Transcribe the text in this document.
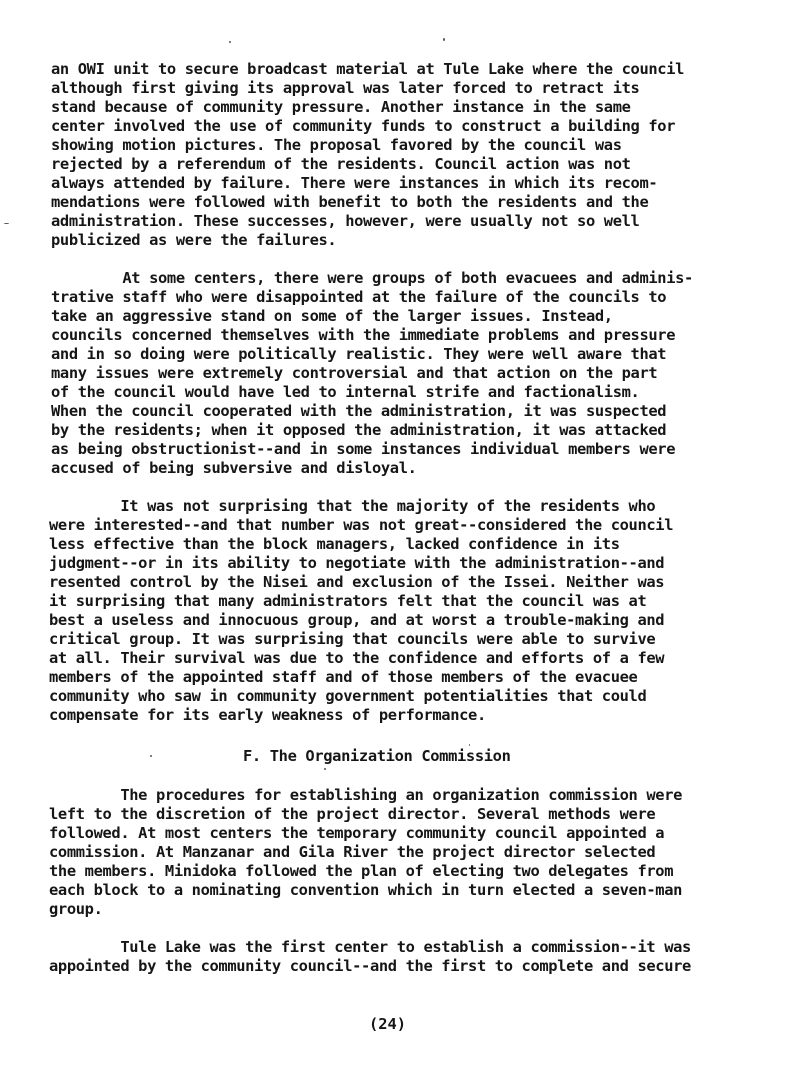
an OWI unit to secure broadcast material at Tule Lake where the council
although first giving its approval was later forced to retract its
stand because of community pressure. Another instance in the same
center involved the use of community funds to construct a building for
showing motion pictures. The proposal favored by the council was
rejected by a referendum of the residents. Council action was not
always attended by failure. There were instances in which its recom-
mendations were followed with benefit to both the residents and the
administration. These successes, however, were usually not so well
publicized as were the failures.
At some centers, there were groups of both evacuees and adminis-
trative staff who were disappointed at the failure of the councils to
take an aggressive stand on some of the larger issues. Instead,
councils concerned themselves with the immediate problems and pressure
and in so doing were politically realistic. They were well aware that
many issues were extremely controversial and that action on the part
of the council would have led to internal strife and factionalism.
When the council cooperated with the administration, it was suspected
by the residents; when it opposed the administration, it was attacked
as being obstructionist--and in some instances individual members were
accused of being subversive and disloyal.
It was not surprising that the majority of the residents who
were interested--and that number was not great--considered the council
less effective than the block managers, lacked confidence in its
judgment--or in its ability to negotiate with the administration--and
resented control by the Nisei and exclusion of the Issei. Neither was
it surprising that many administrators felt that the council was at
best a useless and innocuous group, and at worst a trouble-making and
critical group. It was surprising that councils were able to survive
at all. Their survival was due to the confidence and efforts of a few
members of the appointed staff and of those members of the evacuee
community who saw in community government potentialities that could
compensate for its early weakness of performance.
F. The Organization Commission
The procedures for establishing an organization commission were
left to the discretion of the project director. Several methods were
followed. At most centers the temporary community council appointed a
commission. At Manzanar and Gila River the project director selected
the members. Minidoka followed the plan of electing two delegates from
each block to a nominating convention which in turn elected a seven-man
group.
Tule Lake was the first center to establish a commission--it was
appointed by the community council--and the first to complete and secure
(24)
